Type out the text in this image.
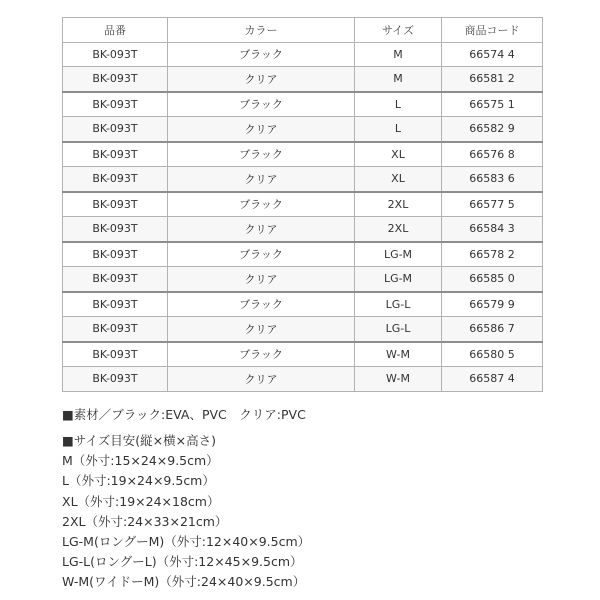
品番	カラー	サイズ	商品コード
BK-093T	ブラック	M	66574 4
BK-093T	クリア	M	66581 2
BK-093T	ブラック	L	66575 1
BK-093T	クリア	L	66582 9
BK-093T	ブラック	XL	66576 8
BK-093T	クリア	XL	66583 6
BK-093T	ブラック	2XL	66577 5
BK-093T	クリア	2XL	66584 3
BK-093T	ブラック	LG-M	66578 2
BK-093T	クリア	LG-M	66585 0
BK-093T	ブラック	LG-L	66579 9
BK-093T	クリア	LG-L	66586 7
BK-093T	ブラック	W-M	66580 5
BK-093T	クリア	W-M	66587 4

■素材／ブラック:EVA、PVC　クリア:PVC

■サイズ目安(縦×横×高さ)

M（外寸:15×24×9.5cm）

L（外寸:19×24×9.5cm）

XL（外寸:19×24×18cm）

2XL（外寸:24×33×21cm）

LG-M(ロングーM)（外寸:12×40×9.5cm）

LG-L(ロングーL)（外寸:12×45×9.5cm）

W-M(ワイドーM)（外寸:24×40×9.5cm）
